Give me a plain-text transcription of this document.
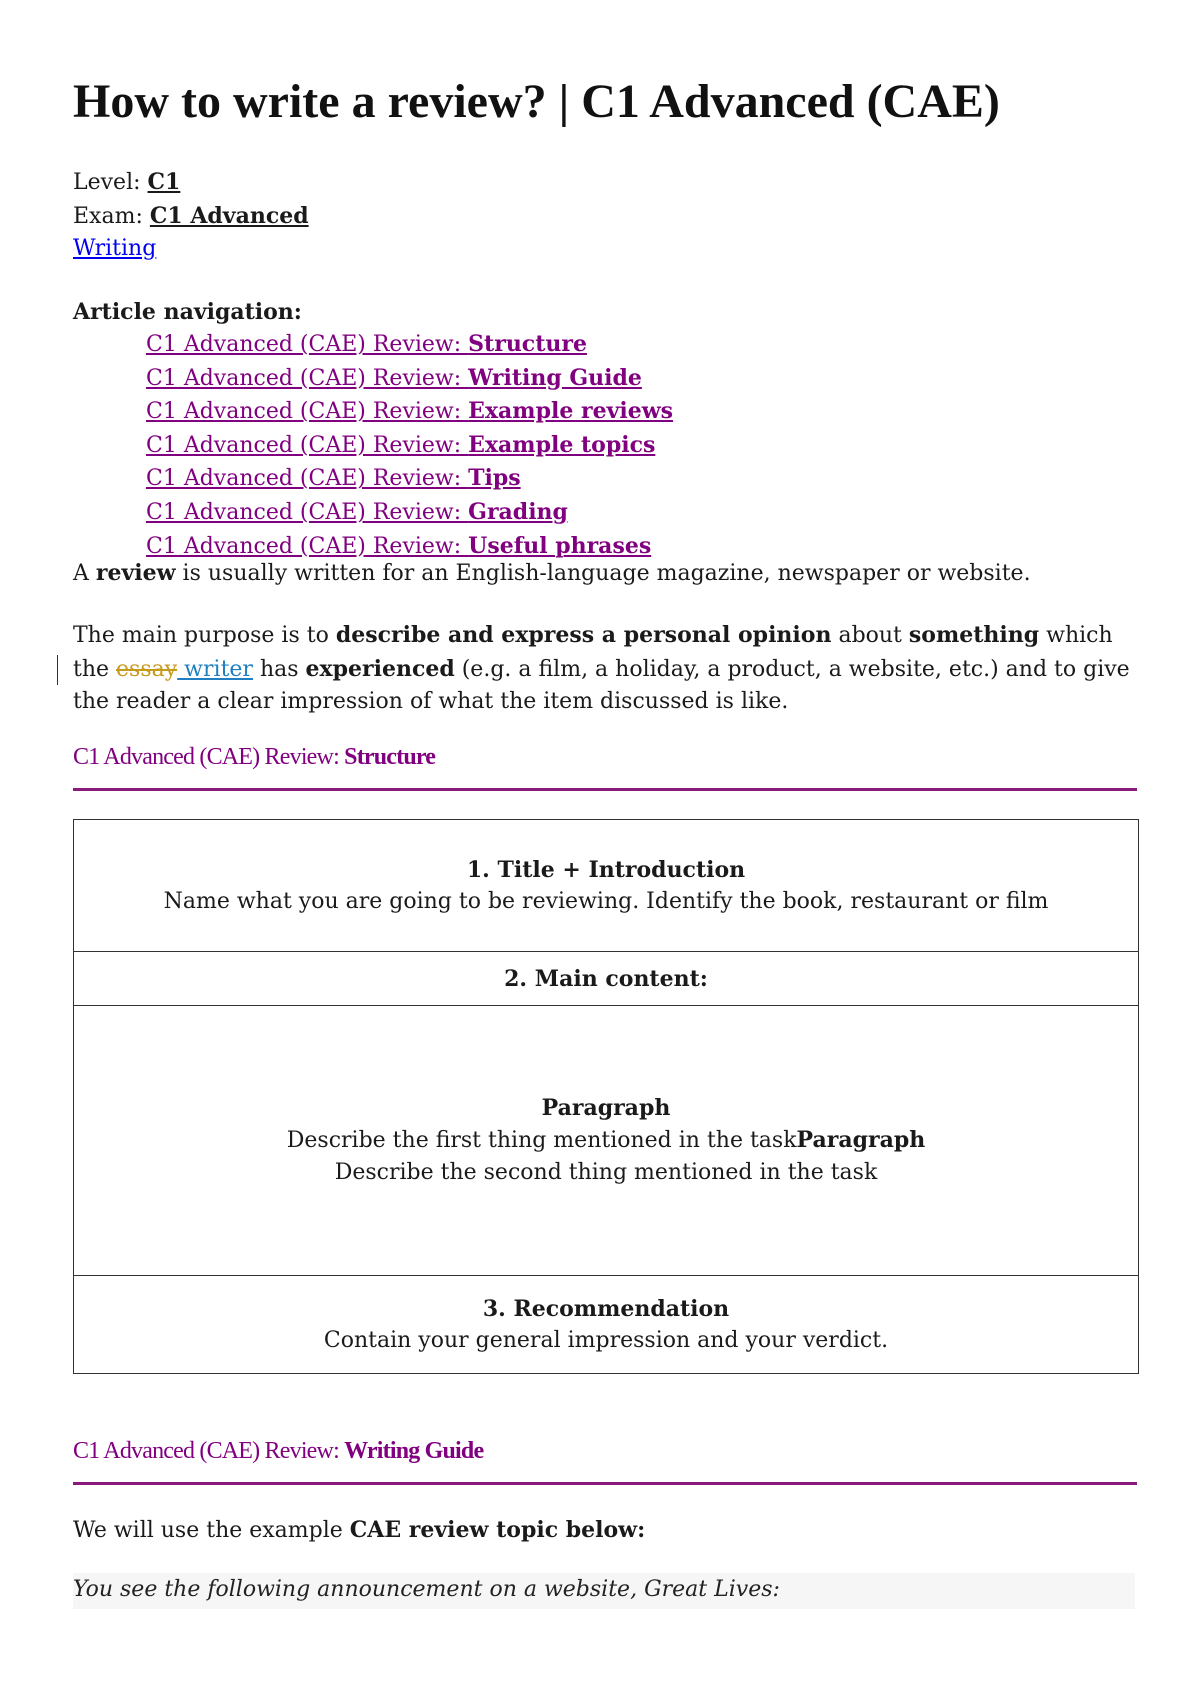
How to write a review? | C1 Advanced (CAE)
Level: C1
Exam: C1 Advanced
Writing
Article navigation:
C1 Advanced (CAE) Review: Structure
C1 Advanced (CAE) Review: Writing Guide
C1 Advanced (CAE) Review: Example reviews
C1 Advanced (CAE) Review: Example topics
C1 Advanced (CAE) Review: Tips
C1 Advanced (CAE) Review: Grading
C1 Advanced (CAE) Review: Useful phrases

A review is usually written for an English-language magazine, newspaper or website.

The main purpose is to describe and express a personal opinion about something which the essay writer has experienced (e.g. a film, a holiday, a product, a website, etc.) and to give the reader a clear impression of what the item discussed is like.

C1 Advanced (CAE) Review: Structure
1. Title + Introduction
Name what you are going to be reviewing. Identify the book, restaurant or film

2. Main content:

Paragraph
Describe the first thing mentioned in the taskParagraph
Describe the second thing mentioned in the task

3. Recommendation
Contain your general impression and your verdict.
C1 Advanced (CAE) Review: Writing Guide

We will use the example CAE review topic below:

You see the following announcement on a website, Great Lives:
